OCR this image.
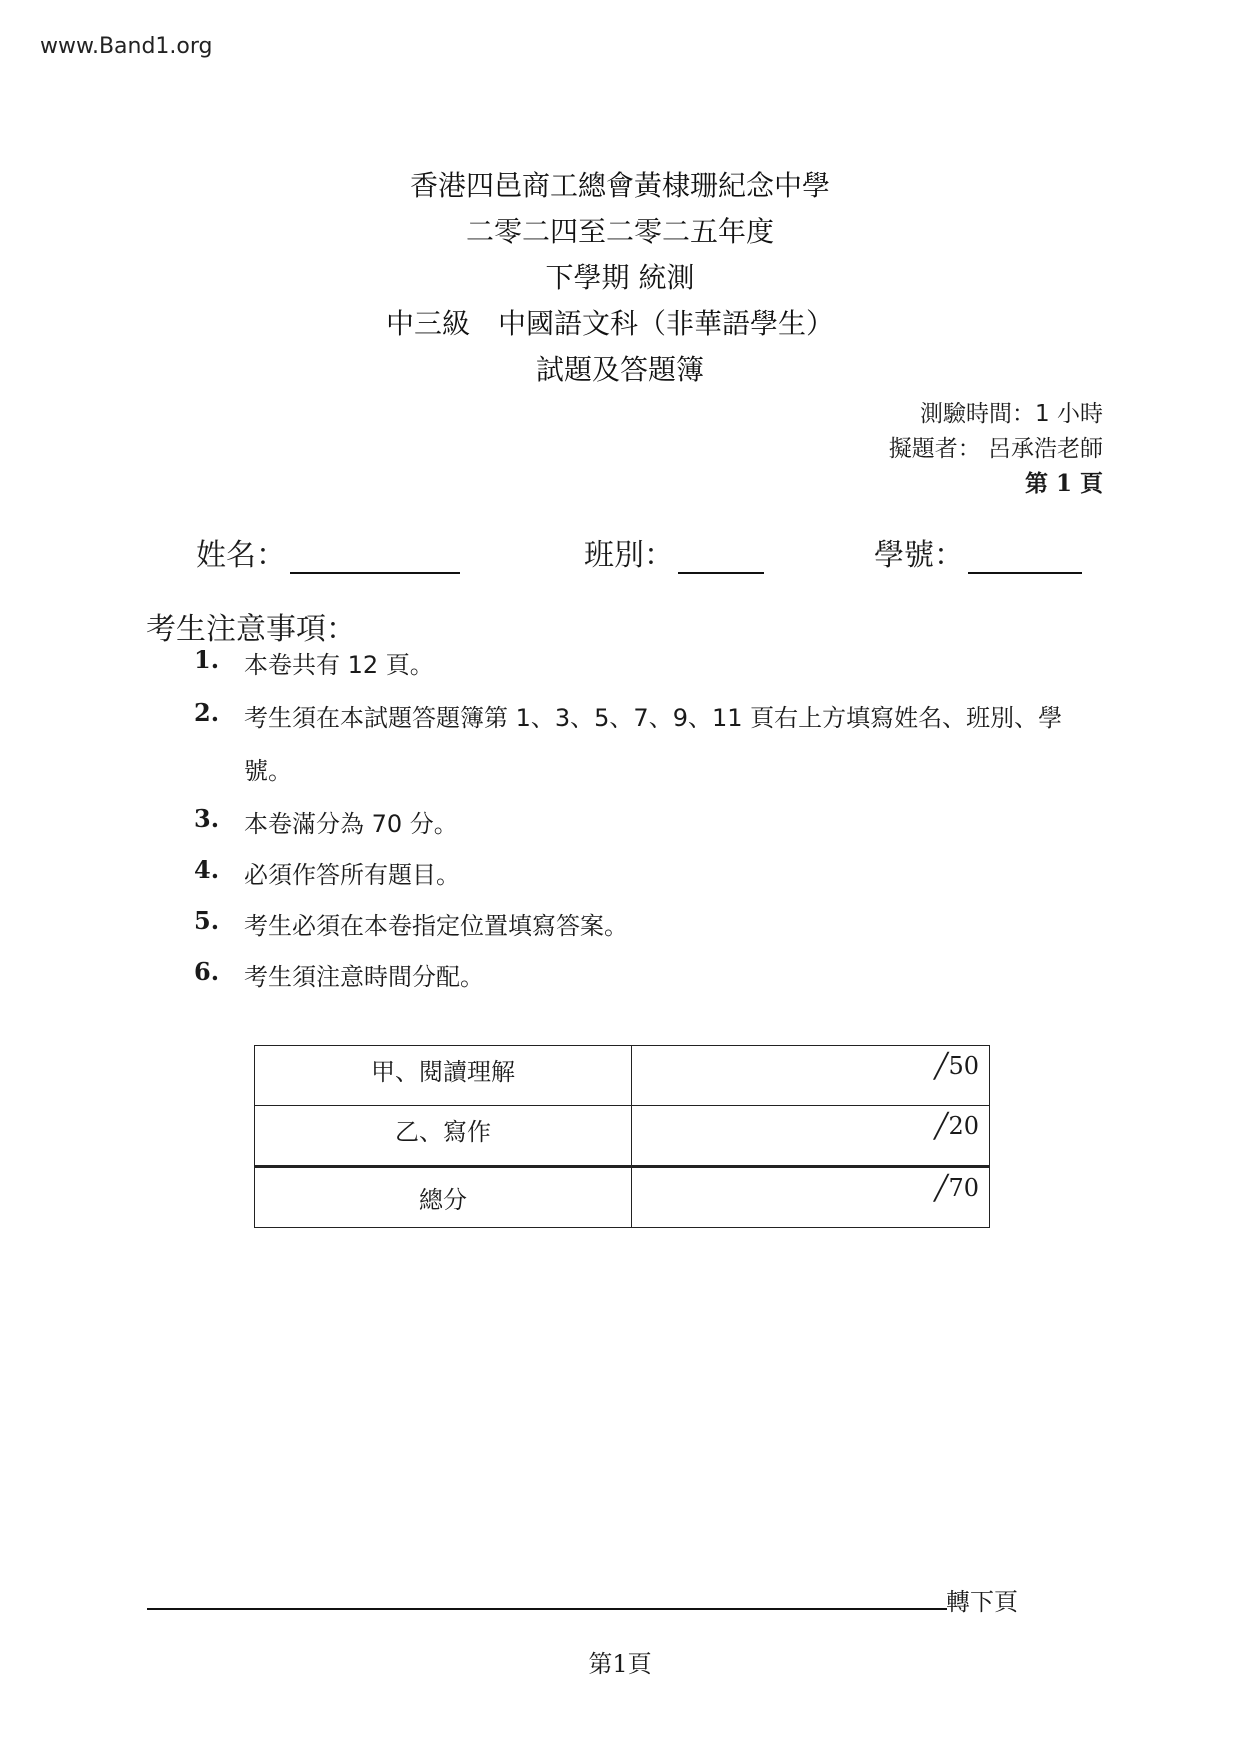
www.Band1.org
香港四邑商工總會黃棣珊紀念中學
二零二四至二零二五年度
下學期 統測
中三級　中國語文科（非華語學生）
試題及答題簿
測驗時間：1 小時
擬題者： 呂承浩老師
第 1 頁
姓名：	班別：	學號：
考生注意事項：
1. 本卷共有 12 頁。
2. 考生須在本試題答題簿第 1、3、5、7、9、11 頁右上方填寫姓名、班別、學
號。
3. 本卷滿分為 70 分。
4. 必須作答所有題目。
5. 考生必須在本卷指定位置填寫答案。
6. 考生須注意時間分配。
甲、閱讀理解	╱50
乙、寫作	╱20
總分	╱70
轉下頁
第1頁
